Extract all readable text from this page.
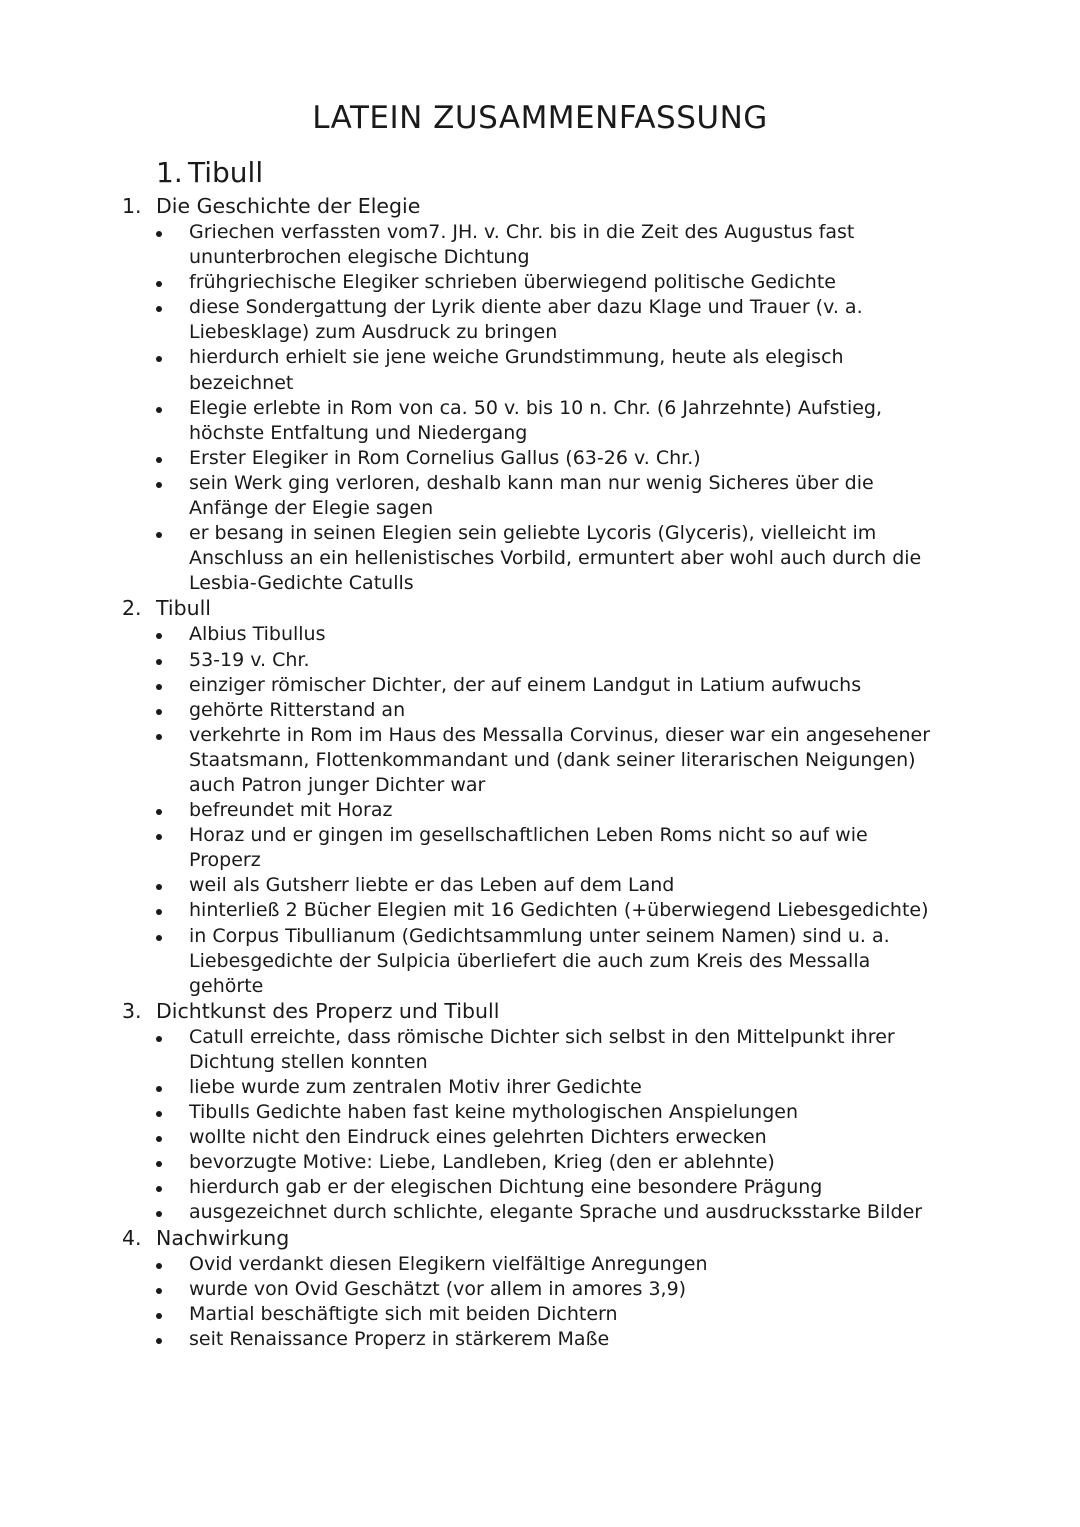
LATEIN ZUSAMMENFASSUNG
1. Tibull
1. Die Geschichte der Elegie
Griechen verfassten vom7. JH. v. Chr. bis in die Zeit des Augustus fast ununterbrochen elegische Dichtung
frühgriechische Elegiker schrieben überwiegend politische Gedichte
diese Sondergattung der Lyrik diente aber dazu Klage und Trauer (v. a. Liebesklage) zum Ausdruck zu bringen
hierdurch erhielt sie jene weiche Grundstimmung, heute als elegisch bezeichnet
Elegie erlebte in Rom von ca. 50 v. bis 10 n. Chr. (6 Jahrzehnte) Aufstieg, höchste Entfaltung und Niedergang
Erster Elegiker in Rom Cornelius Gallus (63-26 v. Chr.)
sein Werk ging verloren, deshalb kann man nur wenig Sicheres über die Anfänge der Elegie sagen
er besang in seinen Elegien sein geliebte Lycoris (Glyceris), vielleicht im Anschluss an ein hellenistisches Vorbild, ermuntert aber wohl auch durch die Lesbia-Gedichte Catulls
2. Tibull
Albius Tibullus
53-19 v. Chr.
einziger römischer Dichter, der auf einem Landgut in Latium aufwuchs
gehörte Ritterstand an
verkehrte in Rom im Haus des Messalla Corvinus, dieser war ein angesehener Staatsmann, Flottenkommandant und (dank seiner literarischen Neigungen) auch Patron junger Dichter war
befreundet mit Horaz
Horaz und er gingen im gesellschaftlichen Leben Roms nicht so auf wie Properz
weil als Gutsherr liebte er das Leben auf dem Land
hinterließ 2 Bücher Elegien mit 16 Gedichten (+überwiegend Liebesgedichte)
in Corpus Tibullianum (Gedichtsammlung unter seinem Namen) sind u. a. Liebesgedichte der Sulpicia überliefert die auch zum Kreis des Messalla gehörte
3. Dichtkunst des Properz und Tibull
Catull erreichte, dass römische Dichter sich selbst in den Mittelpunkt ihrer Dichtung stellen konnten
liebe wurde zum zentralen Motiv ihrer Gedichte
Tibulls Gedichte haben fast keine mythologischen Anspielungen
wollte nicht den Eindruck eines gelehrten Dichters erwecken
bevorzugte Motive: Liebe, Landleben, Krieg (den er ablehnte)
hierdurch gab er der elegischen Dichtung eine besondere Prägung
ausgezeichnet durch schlichte, elegante Sprache und ausdrucksstarke Bilder
4. Nachwirkung
Ovid verdankt diesen Elegikern vielfältige Anregungen
wurde von Ovid Geschätzt (vor allem in amores 3,9)
Martial beschäftigte sich mit beiden Dichtern
seit Renaissance Properz in stärkerem Maße
